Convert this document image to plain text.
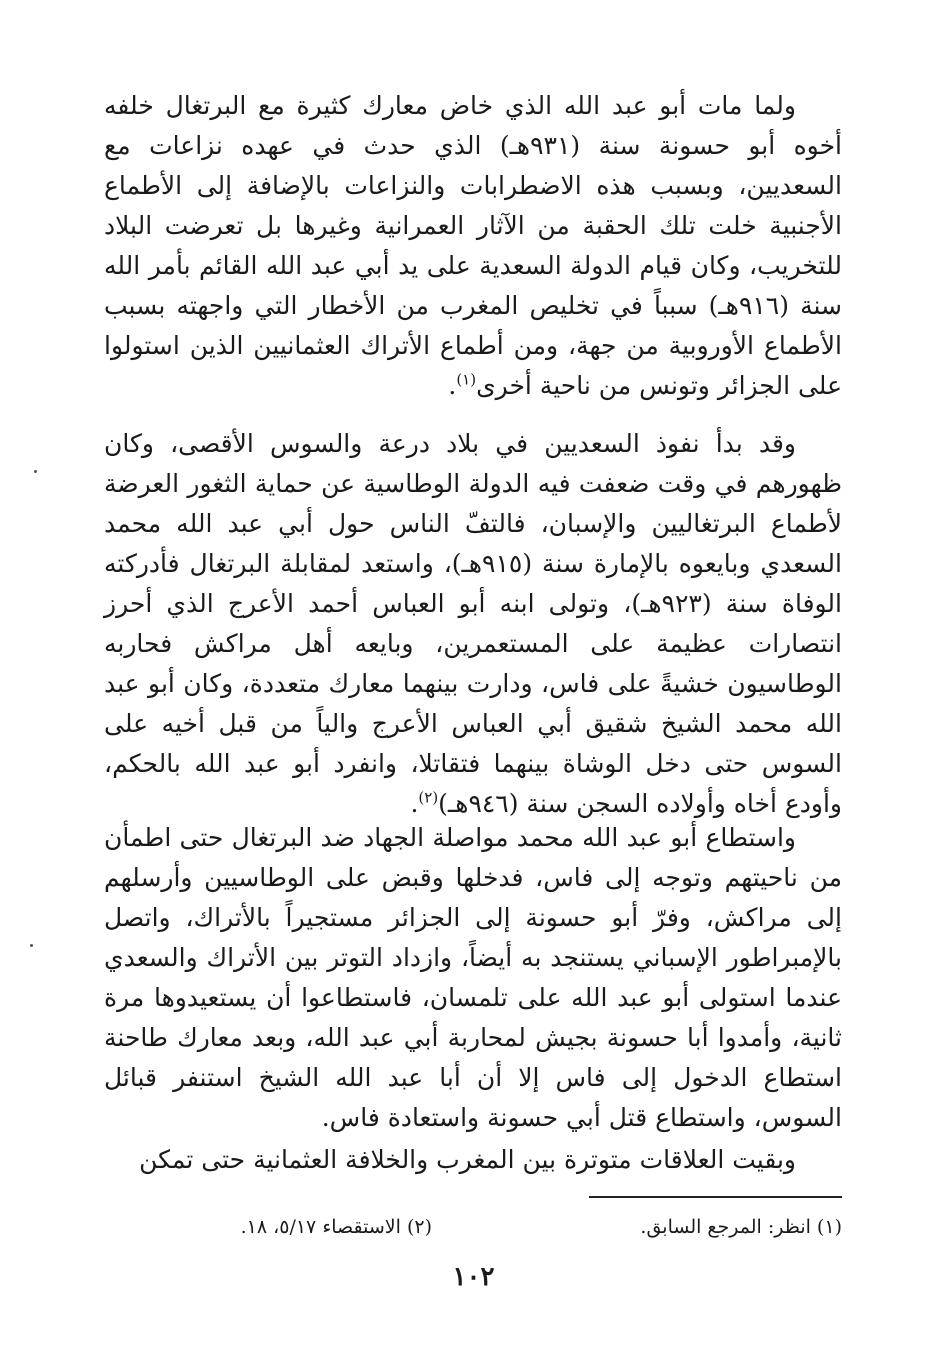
ولما مات أبو عبد الله الذي خاض معارك كثيرة مع البرتغال خلفه أخوه أبو حسونة سنة (٩٣١هـ) الذي حدث في عهده نزاعات مع السعديين، وبسبب هذه الاضطرابات والنزاعات بالإضافة إلى الأطماع الأجنبية خلت تلك الحقبة من الآثار العمرانية وغيرها بل تعرضت البلاد للتخريب، وكان قيام الدولة السعدية على يد أبي عبد الله القائم بأمر الله سنة (٩١٦هـ) سبباً في تخليص المغرب من الأخطار التي واجهته بسبب الأطماع الأوروبية من جهة، ومن أطماع الأتراك العثمانيين الذين استولوا على الجزائر وتونس من ناحية أخرى$^{(١)}$.

وقد بدأ نفوذ السعديين في بلاد درعة والسوس الأقصى، وكان ظهورهم في وقت ضعفت فيه الدولة الوطاسية عن حماية الثغور العرضة لأطماع البرتغاليين والإسبان، فالتفّ الناس حول أبي عبد الله محمد السعدي وبايعوه بالإمارة سنة (٩١٥هـ)، واستعد لمقابلة البرتغال فأدركته الوفاة سنة (٩٢٣هـ)، وتولى ابنه أبو العباس أحمد الأعرج الذي أحرز انتصارات عظيمة على المستعمرين، وبايعه أهل مراكش فحاربه الوطاسيون خشيةً على فاس، ودارت بينهما معارك متعددة، وكان أبو عبد الله محمد الشيخ شقيق أبي العباس الأعرج والياً من قبل أخيه على السوس حتى دخل الوشاة بينهما فتقاتلا، وانفرد أبو عبد الله بالحكم، وأودع أخاه وأولاده السجن سنة (٩٤٦هـ)$^{(٢)}$.

واستطاع أبو عبد الله محمد مواصلة الجهاد ضد البرتغال حتى اطمأن من ناحيتهم وتوجه إلى فاس، فدخلها وقبض على الوطاسيين وأرسلهم إلى مراكش، وفرّ أبو حسونة إلى الجزائر مستجيراً بالأتراك، واتصل بالإمبراطور الإسباني يستنجد به أيضاً، وازداد التوتر بين الأتراك والسعدي عندما استولى أبو عبد الله على تلمسان، فاستطاعوا أن يستعيدوها مرة ثانية، وأمدوا أبا حسونة بجيش لمحاربة أبي عبد الله، وبعد معارك طاحنة استطاع الدخول إلى فاس إلا أن أبا عبد الله الشيخ استنفر قبائل السوس، واستطاع قتل أبي حسونة واستعادة فاس.

وبقيت العلاقات متوترة بين المغرب والخلافة العثمانية حتى تمكن

(١) انظر: المرجع السابق.
(٢) الاستقصاء ٥/١٧، ١٨.
١٠٢
